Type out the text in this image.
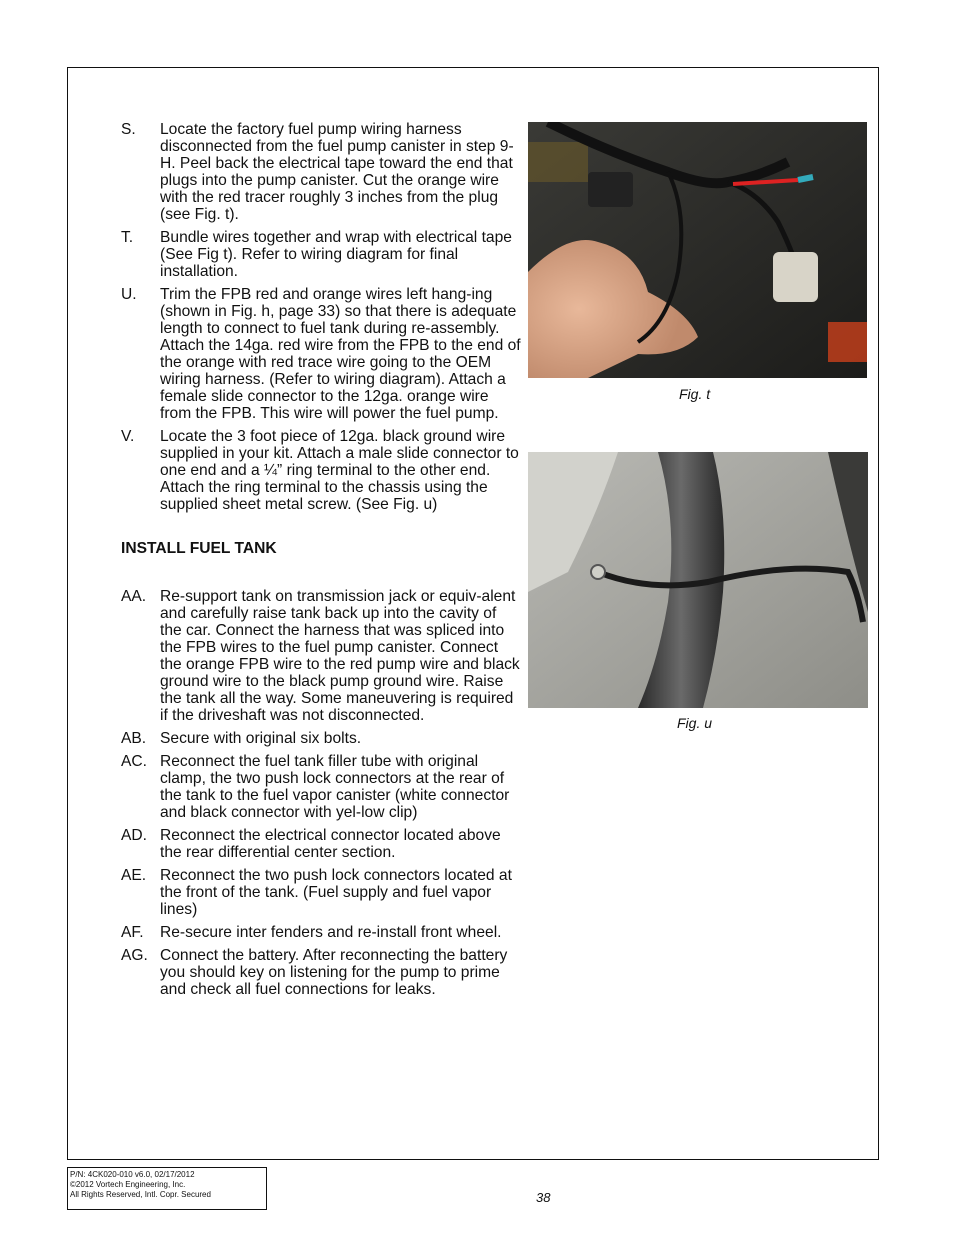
S.	Locate the factory fuel pump wiring harness disconnected from the fuel pump canister in step 9-H. Peel back the electrical tape toward the end that plugs into the pump canister. Cut the orange wire with the red tracer roughly 3 inches from the plug (see Fig. t).
T.	Bundle wires together and wrap with electrical tape (See Fig t). Refer to wiring diagram for final installation.
U.	Trim the FPB red and orange wires left hang-ing (shown in Fig. h, page 33) so that there is adequate length to connect to fuel tank during re-assembly. Attach the 14ga. red wire from the FPB to the end of the orange with red trace wire going to the OEM wiring harness. (Refer to wiring diagram). Attach a female slide connector to the 12ga. orange wire from the FPB. This wire will power the fuel pump.
V.	Locate the 3 foot piece of 12ga. black ground wire supplied in your kit. Attach a male slide connector to one end and a ¼” ring terminal to the other end. Attach the ring terminal to the chassis using the supplied sheet metal screw. (See Fig. u)
INSTALL FUEL TANK
AA. Re-support tank on transmission jack or equiv-alent and carefully raise tank back up into the cavity of the car. Connect the harness that was spliced into the FPB wires to the fuel pump canister. Connect the orange FPB wire to the red pump wire and black ground wire to the black pump ground wire. Raise the tank all the way. Some maneuvering is required if the driveshaft was not disconnected.
AB. Secure with original six bolts.
AC. Reconnect the fuel tank filler tube with original clamp, the two push lock connectors at the rear of the tank to the fuel vapor canister (white connector and black connector with yel-low clip)
AD. Reconnect the electrical connector located above the rear differential center section.
AE. Reconnect the two push lock connectors located at the front of the tank. (Fuel supply and fuel vapor lines)
AF.	Re-secure inter fenders and re-install front wheel.
AG. Connect the battery. After reconnecting the battery you should key on listening for the pump to prime and check all fuel connections for leaks.
Fig. t
Fig. u
P/N: 4CK020-010 v6.0, 02/17/2012
©2012 Vortech Engineering, Inc.
All Rights Reserved, Intl. Copr. Secured	38
